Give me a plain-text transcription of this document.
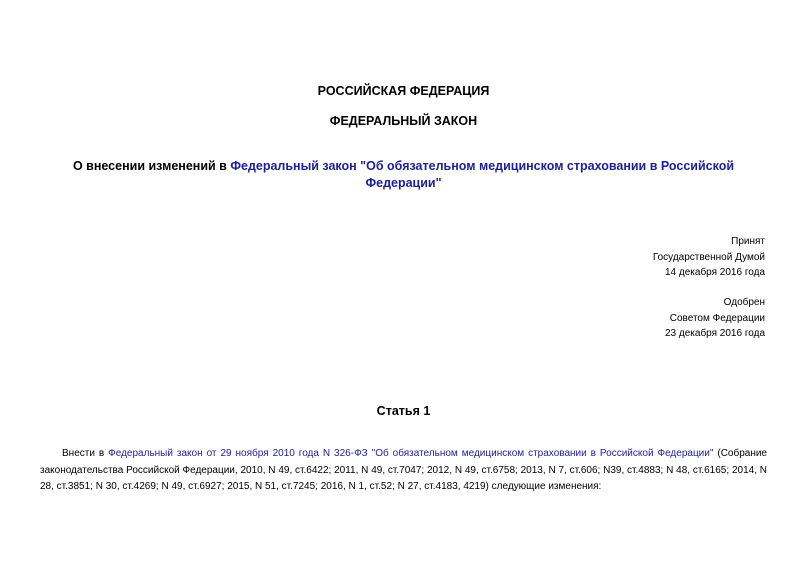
РОССИЙСКАЯ ФЕДЕРАЦИЯ
ФЕДЕРАЛЬНЫЙ ЗАКОН
О внесении изменений в Федеральный закон "Об обязательном медицинском страховании в Российской Федерации"
Принят
Государственной Думой
14 декабря 2016 года
Одобрен
Советом Федерации
23 декабря 2016 года
Статья 1

Внести в Федеральный закон от 29 ноября 2010 года N 326-ФЗ "Об обязательном медицинском страховании в Российской Федерации" (Собрание законодательства Российской Федерации, 2010, N 49, ст.6422; 2011, N 49, ст.7047; 2012, N 49, ст.6758; 2013, N 7, ст.606; N39, ст.4883; N 48, ст.6165; 2014, N 28, ст.3851; N 30, ст.4269; N 49, ст.6927; 2015, N 51, ст.7245; 2016, N 1, ст.52; N 27, ст.4183, 4219) следующие изменения:
